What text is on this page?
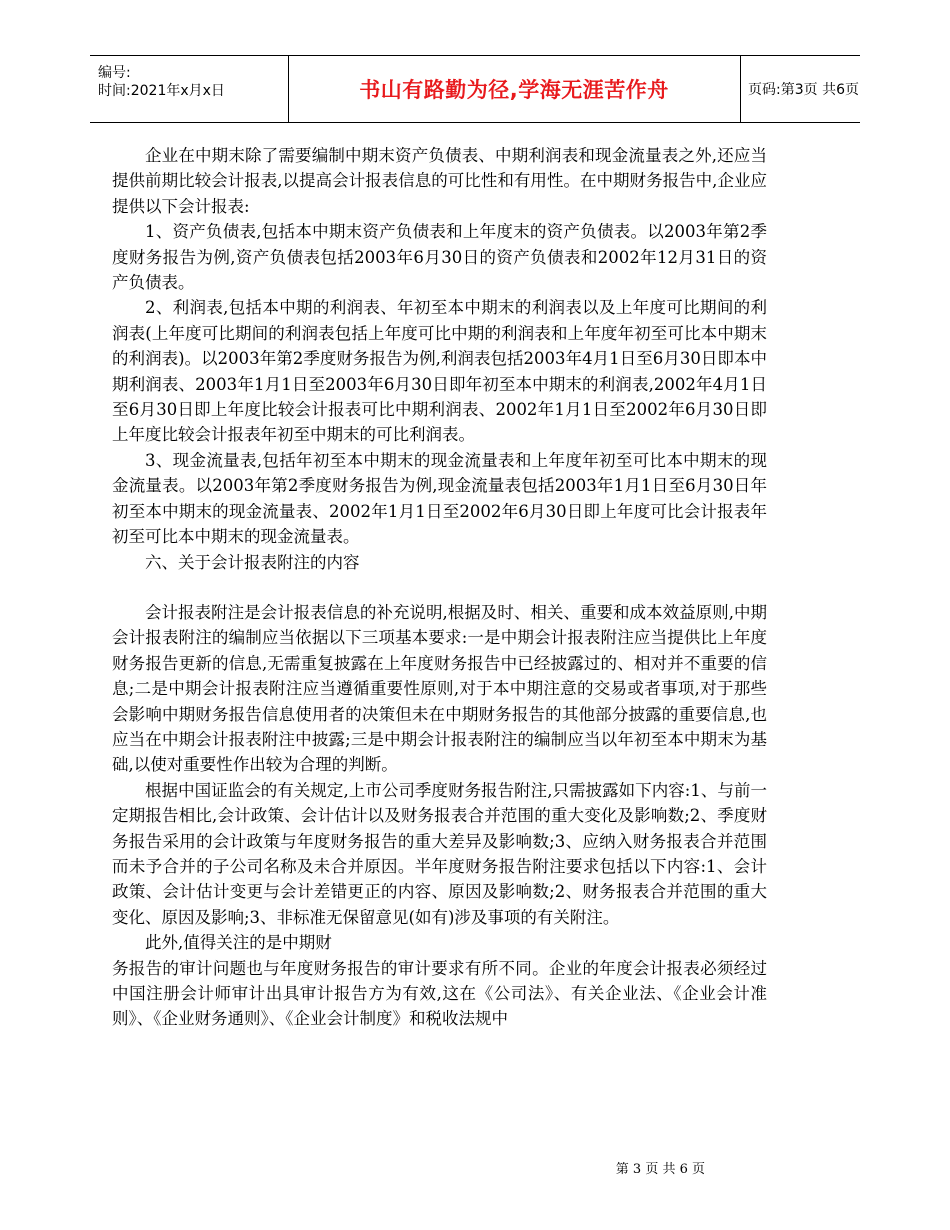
编号:
时间:2021年x月x日	书山有路勤为径,学海无涯苦作舟	页码:第3页 共6页

企业在中期末除了需要编制中期末资产负债表、中期利润表和现金流量表之外,还应当提供前期比较会计报表,以提高会计报表信息的可比性和有用性。在中期财务报告中,企业应提供以下会计报表:

1、资产负债表,包括本中期末资产负债表和上年度末的资产负债表。以2003年第2季度财务报告为例,资产负债表包括2003年6月30日的资产负债表和2002年12月31日的资产负债表。

2、利润表,包括本中期的利润表、年初至本中期末的利润表以及上年度可比期间的利润表(上年度可比期间的利润表包括上年度可比中期的利润表和上年度年初至可比本中期末的利润表)。以2003年第2季度财务报告为例,利润表包括2003年4月1日至6月30日即本中期利润表、2003年1月1日至2003年6月30日即年初至本中期末的利润表,2002年4月1日至6月30日即上年度比较会计报表可比中期利润表、2002年1月1日至2002年6月30日即上年度比较会计报表年初至中期末的可比利润表。

3、现金流量表,包括年初至本中期末的现金流量表和上年度年初至可比本中期末的现金流量表。以2003年第2季度财务报告为例,现金流量表包括2003年1月1日至6月30日年初至本中期末的现金流量表、2002年1月1日至2002年6月30日即上年度可比会计报表年初至可比本中期末的现金流量表。

六、关于会计报表附注的内容

会计报表附注是会计报表信息的补充说明,根据及时、相关、重要和成本效益原则,中期会计报表附注的编制应当依据以下三项基本要求:一是中期会计报表附注应当提供比上年度财务报告更新的信息,无需重复披露在上年度财务报告中已经披露过的、相对并不重要的信息;二是中期会计报表附注应当遵循重要性原则,对于本中期注意的交易或者事项,对于那些会影响中期财务报告信息使用者的决策但未在中期财务报告的其他部分披露的重要信息,也应当在中期会计报表附注中披露;三是中期会计报表附注的编制应当以年初至本中期末为基础,以使对重要性作出较为合理的判断。

根据中国证监会的有关规定,上市公司季度财务报告附注,只需披露如下内容:1、与前一定期报告相比,会计政策、会计估计以及财务报表合并范围的重大变化及影响数;2、季度财务报告采用的会计政策与年度财务报告的重大差异及影响数;3、应纳入财务报表合并范围而未予合并的子公司名称及未合并原因。半年度财务报告附注要求包括以下内容:1、会计政策、会计估计变更与会计差错更正的内容、原因及影响数;2、财务报表合并范围的重大变化、原因及影响;3、非标准无保留意见(如有)涉及事项的有关附注。

此外,值得关注的是中期财

务报告的审计问题也与年度财务报告的审计要求有所不同。企业的年度会计报表必须经过中国注册会计师审计出具审计报告方为有效,这在《公司法》、有关企业法、《企业会计准则》、《企业财务通则》、《企业会计制度》和税收法规中

第 3 页 共 6 页
